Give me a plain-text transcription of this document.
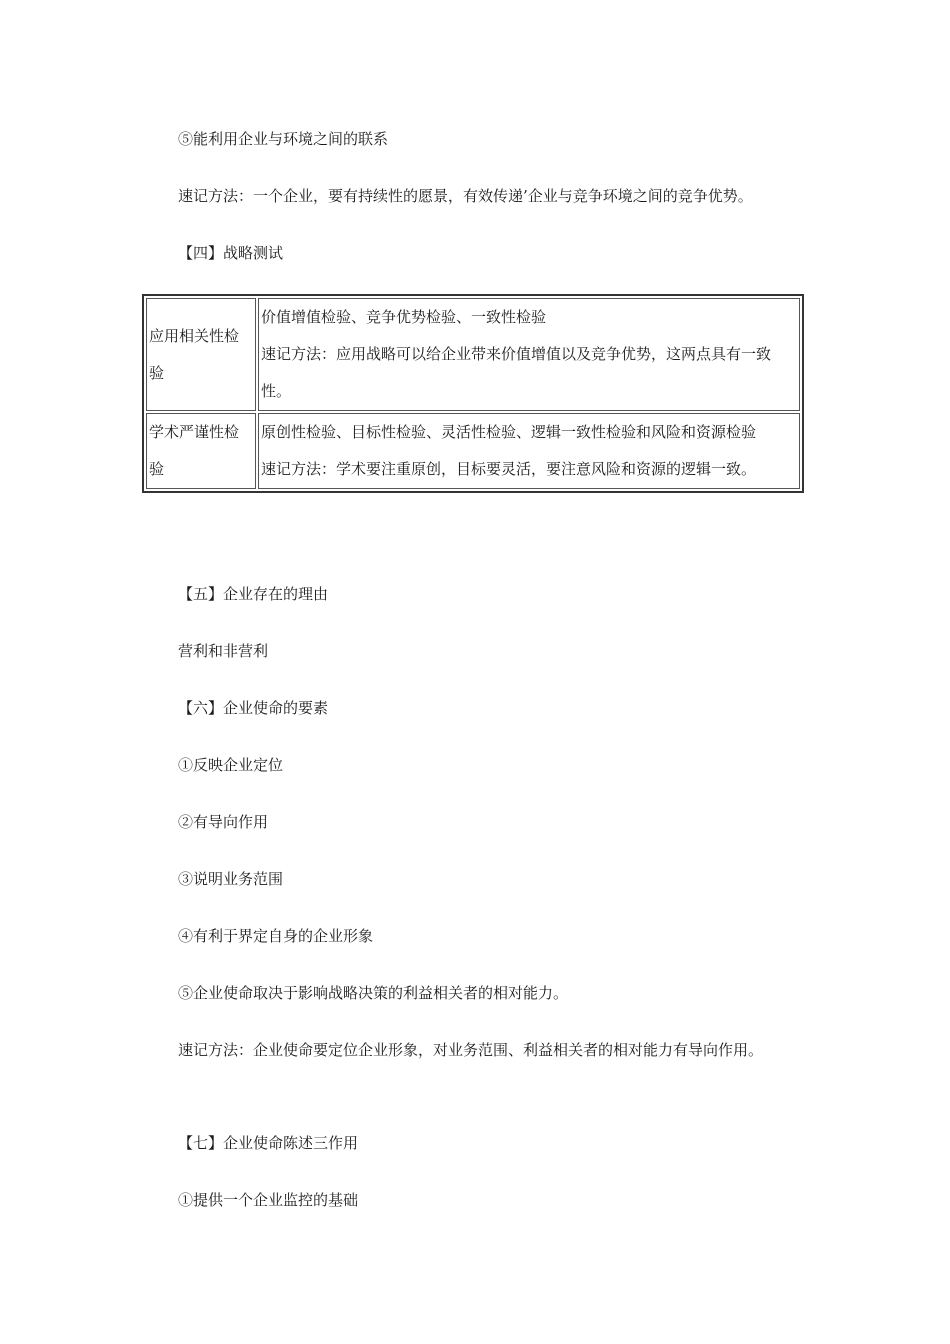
⑤能利用企业与环境之间的联系

速记方法：一个企业，要有持续性的愿景，有效传递’企业与竞争环境之间的竞争优势。

【四】战略测试

应用相关性检验	价值增值检验、竞争优势检验、一致性检验
速记方法：应用战略可以给企业带来价值增值以及竞争优势，这两点具有一致性。

学术严谨性检验	原创性检验、目标性检验、灵活性检验、逻辑一致性检验和风险和资源检验
速记方法：学术要注重原创，目标要灵活，要注意风险和资源的逻辑一致。

【五】企业存在的理由

营利和非营利

【六】企业使命的要素

①反映企业定位

②有导向作用

③说明业务范围

④有利于界定自身的企业形象

⑤企业使命取决于影响战略决策的利益相关者的相对能力。

速记方法：企业使命要定位企业形象，对业务范围、利益相关者的相对能力有导向作用。

【七】企业使命陈述三作用

①提供一个企业监控的基础
